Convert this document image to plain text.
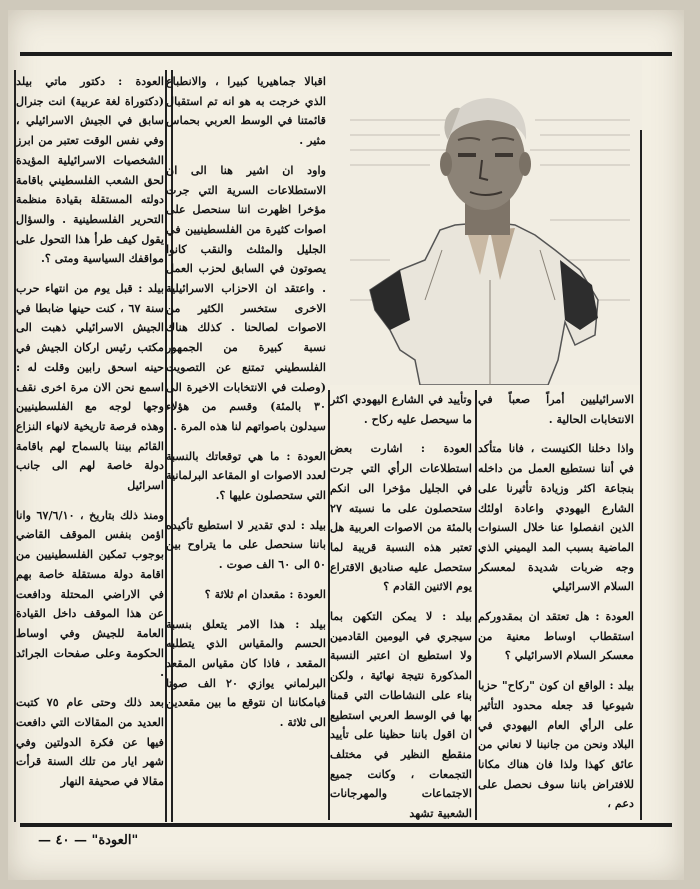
الاسرائيليين أمراً صعباً في الانتخابات الحالية .

واذا دخلنا الكنيست ، فانا متأكد في أننا نستطيع العمل من داخله بنجاعة اكثر وزيادة تأثيرنا على الشارع اليهودي واعادة اولئك الذين انفصلوا عنا خلال السنوات الماضية بسبب المد اليميني الذي وجه ضربات شديدة لمعسكر السلام الاسرائيلي

العودة : هل تعتقد ان بمقدوركم استقطاب اوساط معنية من معسكر السلام الاسرائيلي ؟

بيلد : الواقع ان كون "ركاح" حزبا شيوعيا قد جعله محدود التأثير على الرأي العام اليهودي في البلاد ونحن من جانبنا لا نعاني من عائق كهذا ولذا فان هناك مكانا للافتراض باننا سوف نحصل على دعم ،

وتأييد في الشارع اليهودي اكثر ما سيحصل عليه ركاح .

العودة : اشارت بعض استطلاعات الرأي التي جرت في الجليل مؤخرا الى انكم ستحصلون على ما نسبته ٢٧ بالمئة من الاصوات العربية هل تعتبر هذه النسبة قريبة لما ستحصل عليه صناديق الاقتراع يوم الاثنين القادم ؟

بيلد : لا يمكن التكهن بما سيجري في اليومين القادمين ولا استطيع ان اعتبر النسبة المذكورة نتيجة نهائية ، ولكن بناء على النشاطات التي قمنا بها في الوسط العربي استطيع ان اقول باننا حظينا على تأييد منقطع النظير في مختلف التجمعات ، وكانت جميع الاجتماعات والمهرجانات الشعبية تشهد

اقبالا جماهيريا كبيرا ، والانطباع الذي خرجت به هو انه تم استقبال قائمتنا في الوسط العربي بحماس مثير .

واود ان اشير هنا الى ان الاستطلاعات السرية التي جرت مؤخرا اظهرت اننا سنحصل على اصوات كثيرة من الفلسطينيين في الجليل والمثلث والنقب كانوا يصوتون في السابق لحزب العمل . واعتقد ان الاحزاب الاسرائيلية الاخرى ستخسر الكثير من الاصوات لصالحنا . كذلك هناك نسبة كبيرة من الجمهور الفلسطيني تمتنع عن التصويت (وصلت في الانتخابات الاخيرة الى ٣٠ بالمئة) وقسم من هؤلاء سيدلون باصواتهم لنا هذه المرة .

العودة : ما هي توقعاتك بالنسبة لعدد الاصوات او المقاعد البرلمانية التي ستحصلون عليها ؟.

بيلد : لدي تقدير لا استطيع تأكيده باننا سنحصل على ما يتراوح بين ٥٠ الى ٦٠ الف صوت .

العودة : مقعدان ام ثلاثة ؟

بيلد : هذا الامر يتعلق بنسبة الحسم والمقياس الذي يتطلبه المقعد ، فاذا كان مقياس المقعد البرلماني يوازي ٢٠ الف صوتا فبامكاننا ان نتوقع ما بين مقعدين الى ثلاثة .

العودة : دكتور ماتي بيلد (دكتوراة لغة عربية) انت جنرال سابق في الجيش الاسرائيلي ، وفي نفس الوقت تعتبر من ابرز الشخصيات الاسرائيلية المؤيدة لحق الشعب الفلسطيني باقامة دولته المستقلة بقيادة منظمة التحرير الفلسطينية . والسؤال يقول كيف طرأ هذا التحول على مواقفك السياسية ومتى ؟.

بيلد : قبل يوم من انتهاء حرب سنة ٦٧ ، كنت حينها ضابطا في الجيش الاسرائيلي ذهبت الى مكتب رئيس اركان الجيش في حينه اسحق رابين وقلت له : اسمع نحن الان مرة اخرى نقف وجها لوجه مع الفلسطينيين وهذه فرصة تاريخية لانهاء النزاع القائم بيننا بالسماح لهم باقامة دولة خاصة لهم الى جانب اسرائيل

ومنذ ذلك بتاريخ ، ٦٧/٦/١٠ وانا اؤمن بنفس الموقف القاضي بوجوب تمكين الفلسطينيين من اقامة دولة مستقلة خاصة بهم في الاراضي المحتلة ودافعت عن هذا الموقف داخل القيادة العامة للجيش وفي اوساط الحكومة وعلى صفحات الجرائد .

بعد ذلك وحتى عام ٧٥ كتبت العديد من المقالات التي دافعت فيها عن فكرة الدولتين وفي شهر ايار من تلك السنة قرأت مقالا في صحيفة النهار

"العودة" — ٤٠ —
